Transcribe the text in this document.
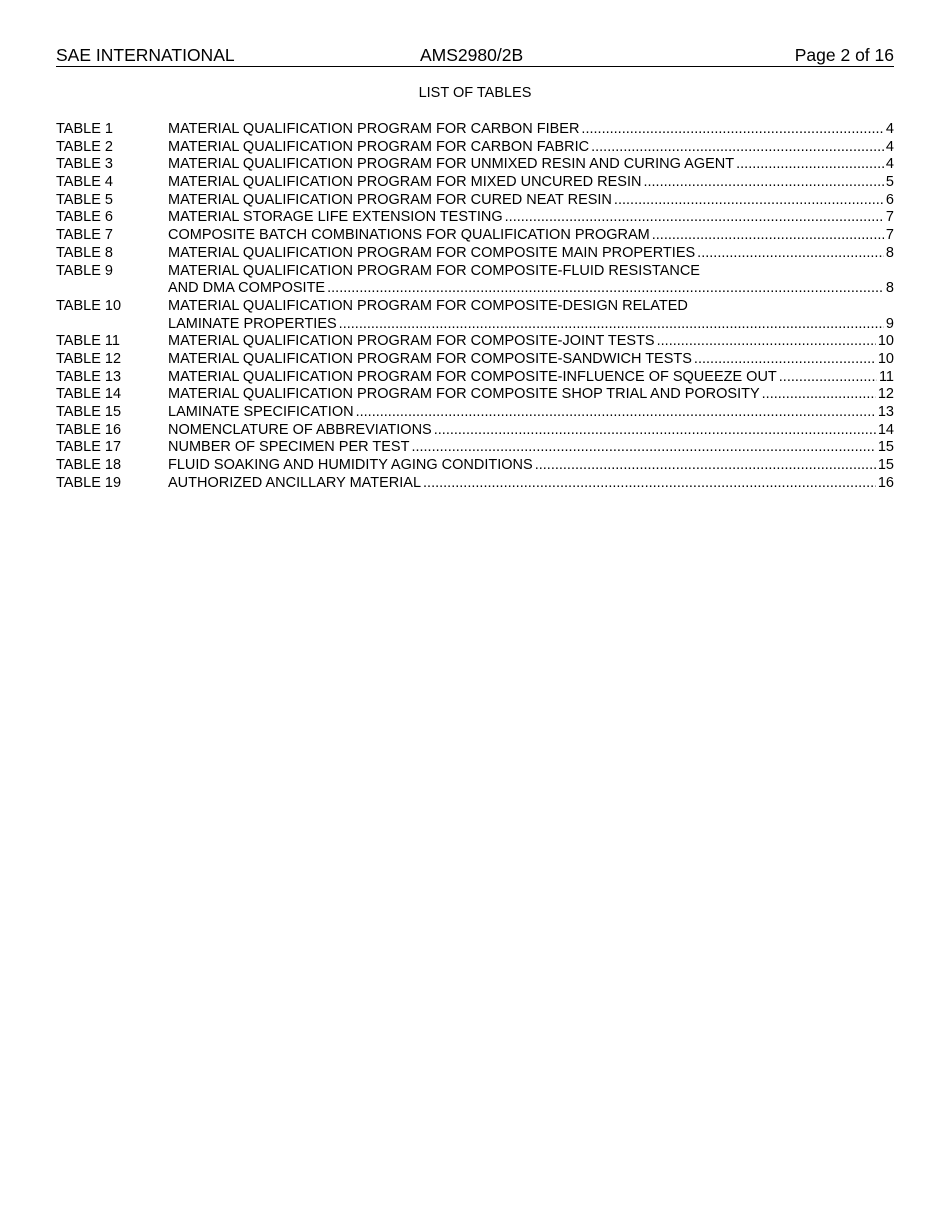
SAE INTERNATIONAL	AMS2980/2B	Page 2 of 16
LIST OF TABLES
TABLE 1	MATERIAL QUALIFICATION PROGRAM FOR CARBON FIBER .....	4
TABLE 2	MATERIAL QUALIFICATION PROGRAM FOR CARBON FABRIC .....	4
TABLE 3	MATERIAL QUALIFICATION PROGRAM FOR UNMIXED RESIN AND CURING AGENT .....	4
TABLE 4	MATERIAL QUALIFICATION PROGRAM FOR MIXED UNCURED RESIN .....	5
TABLE 5	MATERIAL QUALIFICATION PROGRAM FOR CURED NEAT RESIN .....	6
TABLE 6	MATERIAL STORAGE LIFE EXTENSION TESTING .....	7
TABLE 7	COMPOSITE BATCH COMBINATIONS FOR QUALIFICATION PROGRAM .....	7
TABLE 8	MATERIAL QUALIFICATION PROGRAM FOR COMPOSITE MAIN PROPERTIES .....	8
TABLE 9	MATERIAL QUALIFICATION PROGRAM FOR COMPOSITE-FLUID RESISTANCE
AND DMA COMPOSITE .....	8
TABLE 10	MATERIAL QUALIFICATION PROGRAM FOR COMPOSITE-DESIGN RELATED
LAMINATE PROPERTIES .....	9
TABLE 11	MATERIAL QUALIFICATION PROGRAM FOR COMPOSITE-JOINT TESTS .....	10
TABLE 12	MATERIAL QUALIFICATION PROGRAM FOR COMPOSITE-SANDWICH TESTS .....	10
TABLE 13	MATERIAL QUALIFICATION PROGRAM FOR COMPOSITE-INFLUENCE OF SQUEEZE OUT .....	11
TABLE 14	MATERIAL QUALIFICATION PROGRAM FOR COMPOSITE SHOP TRIAL AND POROSITY .....	12
TABLE 15	LAMINATE SPECIFICATION .....	13
TABLE 16	NOMENCLATURE OF ABBREVIATIONS .....	14
TABLE 17	NUMBER OF SPECIMEN PER TEST .....	15
TABLE 18	FLUID SOAKING AND HUMIDITY AGING CONDITIONS .....	15
TABLE 19	AUTHORIZED ANCILLARY MATERIAL .....	16
